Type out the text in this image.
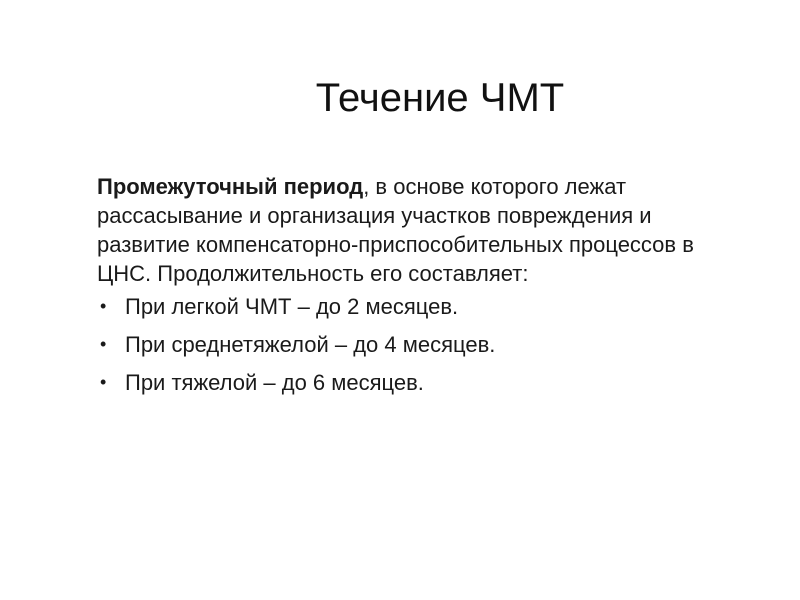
Течение ЧМТ

Промежуточный период, в основе которого лежат рассасывание и организация участков повреждения и развитие компенсаторно-приспособительных процессов в ЦНС. Продолжительность его составляет:

• При легкой ЧМТ – до 2 месяцев.
• При среднетяжелой – до 4 месяцев.
• При тяжелой – до 6 месяцев.
